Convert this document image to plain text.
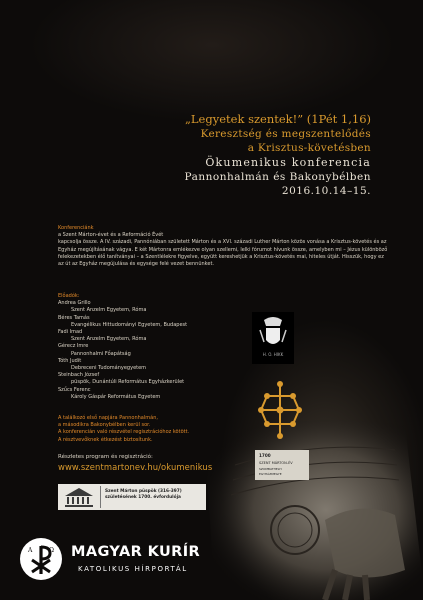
„Legyetek szentek!” (1Pét 1,16)
Keresztség és megszentelődés
a Krisztus-követésben
Ökumenikus konferencia
Pannonhalmán és Bakonybélben
2016.10.14–15.
Konferenciánk
a Szent Márton-évet és a Reformáció Évét
kapcsolja össze. A IV. századi, Pannóniában született Márton és a XVI. századi Luther Márton közös vonása a Krisztus-követés és az Egyház megújításának vágya. E két Mártonra emlékezve olyan szellemi, lelki fórumot hívunk össze, amelyben mi – Jézus különböző felekezetekben élő tanítványai – a Szentlélekre figyelve, együtt kereshetjük a Krisztus-követés mai, hiteles útját. Hisszük, hogy ez az út az Egyház megújulása és egysége felé vezet bennünket.
Előadók:
Andrea Grillo
Szent Anzelm Egyetem, Róma
Béres Tamás
Evangélikus Hittudományi Egyetem, Budapest
Fadi Imad
Szent Anzelm Egyetem, Róma
Gérecz Imre
Pannonhalmi Főapátság
Tóth Judit
Debreceni Tudományegyetem
Steinbach József
püspök, Dunántúli Református Egyházkerület
Szűcs Ferenc
Károly Gáspár Református Egyetem
A találkozó első napjára Pannonhalmán,
a másodikra Bakonybélben kerül sor.
A konferencián való részvétel regisztrációhoz kötött.
A résztvevőknek étkezést biztosítunk.
Részletes program és regisztráció:
www.szentmartonev.hu/okumenikus
Szent Márton püspök (316-397) születésének 1700. évfordulója
H. O. HIKK
1700
SZENT MÁRTON-ÉV
SZOMBATHELYI
EGYHÁZMEGYE
A	Ω MAGYAR KURÍR
KATOLIKUS HÍRPORTÁL
